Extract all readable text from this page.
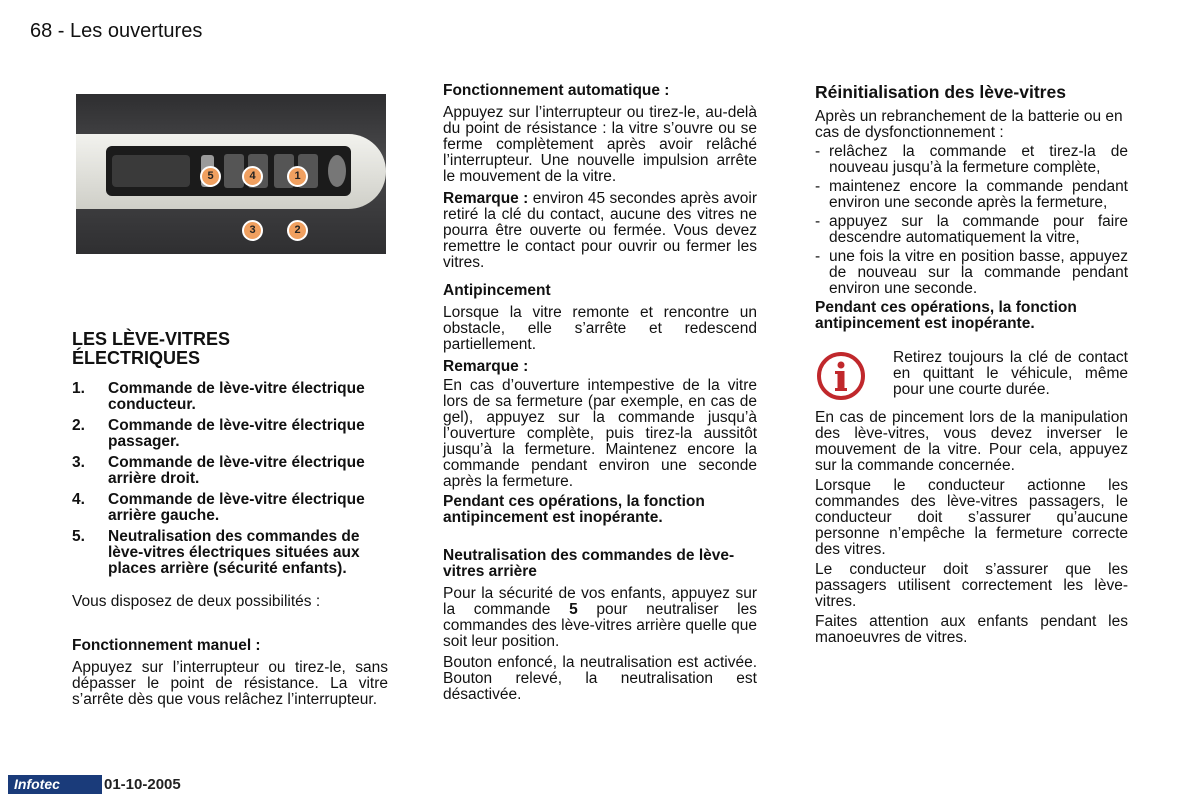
68 - Les ouvertures
5	4	1
3	2
LES LÈVE-VITRES
ÉLECTRIQUES
1.	Commande de lève-vitre électrique conducteur.
2.	Commande de lève-vitre électrique passager.
3.	Commande de lève-vitre électrique arrière droit.
4.	Commande de lève-vitre électrique arrière gauche.
5.	Neutralisation des commandes de lève-vitres électriques situées aux places arrière (sécurité enfants).

Vous disposez de deux possibilités :

Fonctionnement manuel :

Appuyez sur l’interrupteur ou tirez-le, sans dépasser le point de résistance. La vitre s’arrête dès que vous relâchez l’interrupteur.

Fonctionnement automatique :

Appuyez sur l’interrupteur ou tirez-le, au-delà du point de résistance : la vitre s’ouvre ou se ferme complètement après avoir relâché l’interrupteur. Une nouvelle impulsion arrête le mouvement de la vitre.

Remarque : environ 45 secondes après avoir retiré la clé du contact, aucune des vitres ne pourra être ouverte ou fermée. Vous devez remettre le contact pour ouvrir ou fermer les vitres.

Antipincement

Lorsque la vitre remonte et rencontre un obstacle, elle s’arrête et redescend partiellement.

Remarque :

En cas d’ouverture intempestive de la vitre lors de sa fermeture (par exemple, en cas de gel), appuyez sur la commande jusqu’à l’ouverture complète, puis tirez-la aussitôt jusqu’à la fermeture. Maintenez encore la commande pendant environ une seconde après la fermeture.

Pendant ces opérations, la fonction antipincement est inopérante.

Neutralisation des commandes de lève-vitres arrière

Pour la sécurité de vos enfants, appuyez sur la commande 5 pour neutraliser les commandes des lève-vitres arrière quelle que soit leur position.

Bouton enfoncé, la neutralisation est activée. Bouton relevé, la neutralisation est désactivée.

Réinitialisation des lève-vitres

Après un rebranchement de la batterie ou en cas de dysfonctionnement :

- relâchez la commande et tirez-la de nouveau jusqu’à la fermeture complète,
- maintenez encore la commande pendant environ une seconde après la fermeture,
- appuyez sur la commande pour faire descendre automatiquement la vitre,
- une fois la vitre en position basse, appuyez de nouveau sur la commande pendant environ une seconde.

Pendant ces opérations, la fonction antipincement est inopérante.

Retirez toujours la clé de contact en quittant le véhicule, même pour une courte durée.

En cas de pincement lors de la manipulation des lève-vitres, vous devez inverser le mouvement de la vitre. Pour cela, appuyez sur la commande concernée.

Lorsque le conducteur actionne les commandes des lève-vitres passagers, le conducteur doit s’assurer qu’aucune personne n’empêche la fermeture correcte des vitres.

Le conducteur doit s’assurer que les passagers utilisent correctement les lève-vitres.

Faites attention aux enfants pendant les manoeuvres de vitres.

Infotec	01-10-2005
